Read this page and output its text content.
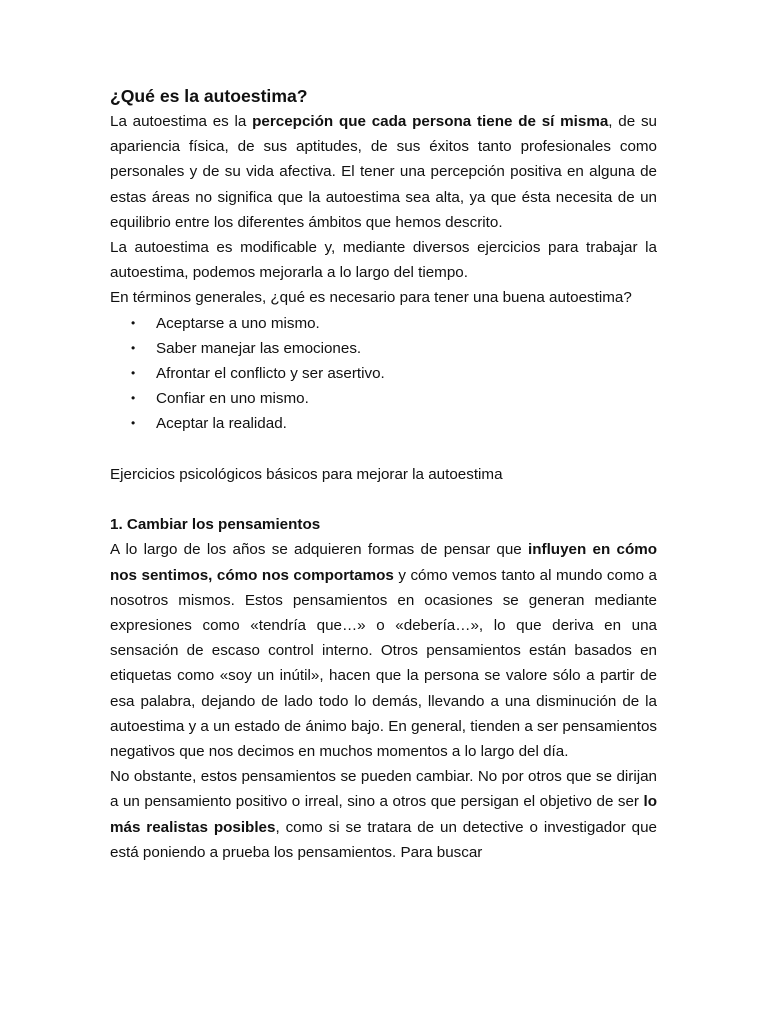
¿Qué es la autoestima?

La autoestima es la percepción que cada persona tiene de sí misma, de su apariencia física, de sus aptitudes, de sus éxitos tanto profesionales como personales y de su vida afectiva. El tener una percepción positiva en alguna de estas áreas no significa que la autoestima sea alta, ya que ésta necesita de un equilibrio entre los diferentes ámbitos que hemos descrito.

La autoestima es modificable y, mediante diversos ejercicios para trabajar la autoestima, podemos mejorarla a lo largo del tiempo.

En términos generales, ¿qué es necesario para tener una buena autoestima?

•	Aceptarse a uno mismo.
•	Saber manejar las emociones.
•	Afrontar el conflicto y ser asertivo.
•	Confiar en uno mismo.
•	Aceptar la realidad.

Ejercicios psicológicos básicos para mejorar la autoestima

1. Cambiar los pensamientos

A lo largo de los años se adquieren formas de pensar que influyen en cómo nos sentimos, cómo nos comportamos y cómo vemos tanto al mundo como a nosotros mismos. Estos pensamientos en ocasiones se generan mediante expresiones como «tendría que…» o «debería…», lo que deriva en una sensación de escaso control interno. Otros pensamientos están basados en etiquetas como «soy un inútil», hacen que la persona se valore sólo a partir de esa palabra, dejando de lado todo lo demás, llevando a una disminución de la autoestima y a un estado de ánimo bajo. En general, tienden a ser pensamientos negativos que nos decimos en muchos momentos a lo largo del día.

No obstante, estos pensamientos se pueden cambiar. No por otros que se dirijan a un pensamiento positivo o irreal, sino a otros que persigan el objetivo de ser lo más realistas posibles, como si se tratara de un detective o investigador que está poniendo a prueba los pensamientos. Para buscar
